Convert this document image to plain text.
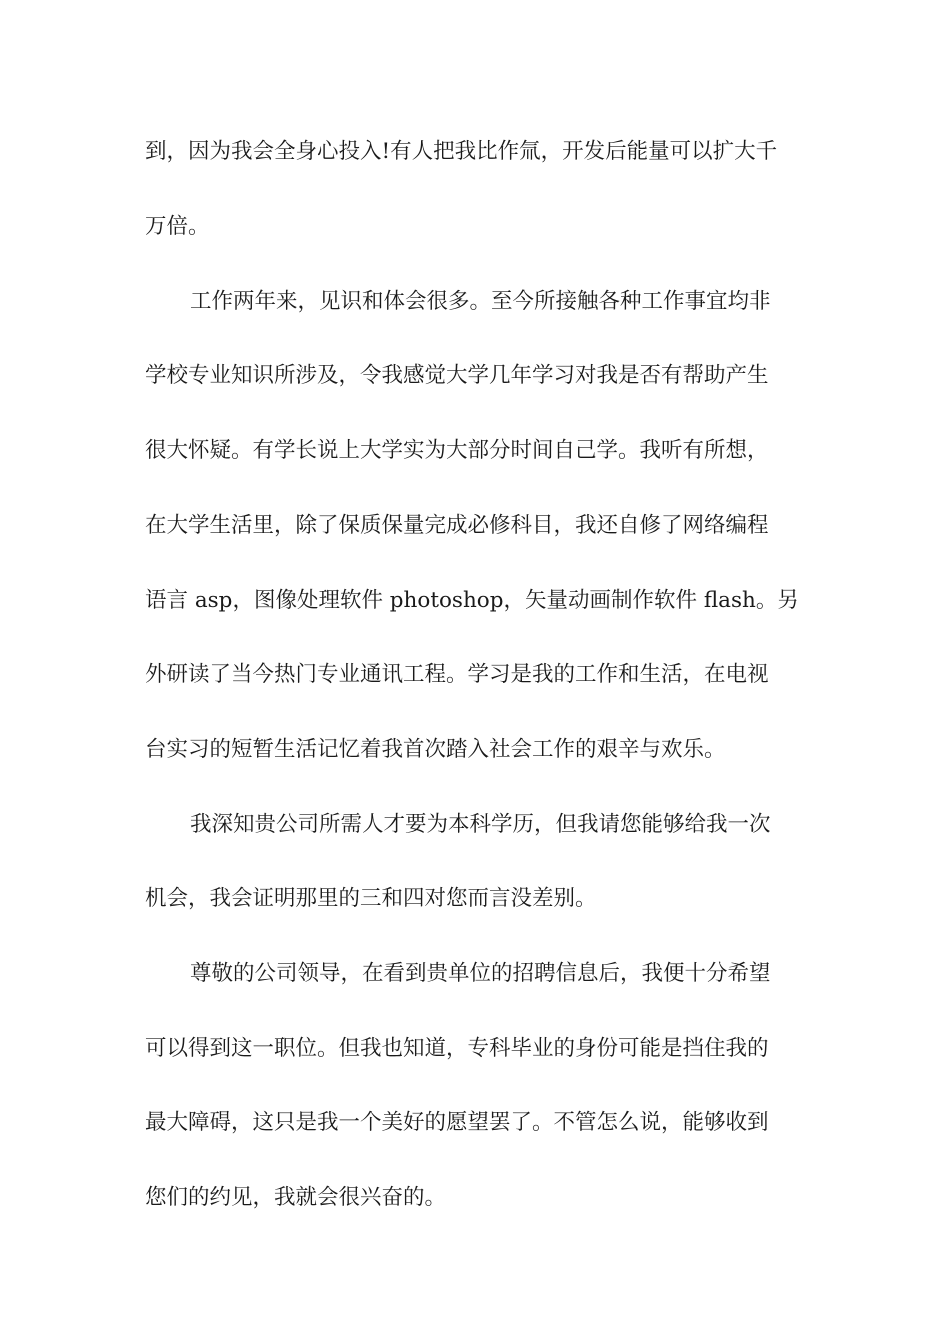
到，因为我会全身心投入!有人把我比作氚，开发后能量可以扩大千
万倍。
工作两年来，见识和体会很多。至今所接触各种工作事宜均非
学校专业知识所涉及，令我感觉大学几年学习对我是否有帮助产生
很大怀疑。有学长说上大学实为大部分时间自己学。我听有所想，
在大学生活里，除了保质保量完成必修科目，我还自修了网络编程
语言 asp，图像处理软件 photoshop，矢量动画制作软件 flash。另
外研读了当今热门专业通讯工程。学习是我的工作和生活，在电视
台实习的短暂生活记忆着我首次踏入社会工作的艰辛与欢乐。
我深知贵公司所需人才要为本科学历，但我请您能够给我一次
机会，我会证明那里的三和四对您而言没差别。
尊敬的公司领导，在看到贵单位的招聘信息后，我便十分希望
可以得到这一职位。但我也知道，专科毕业的身份可能是挡住我的
最大障碍，这只是我一个美好的愿望罢了。不管怎么说，能够收到
您们的约见，我就会很兴奋的。
